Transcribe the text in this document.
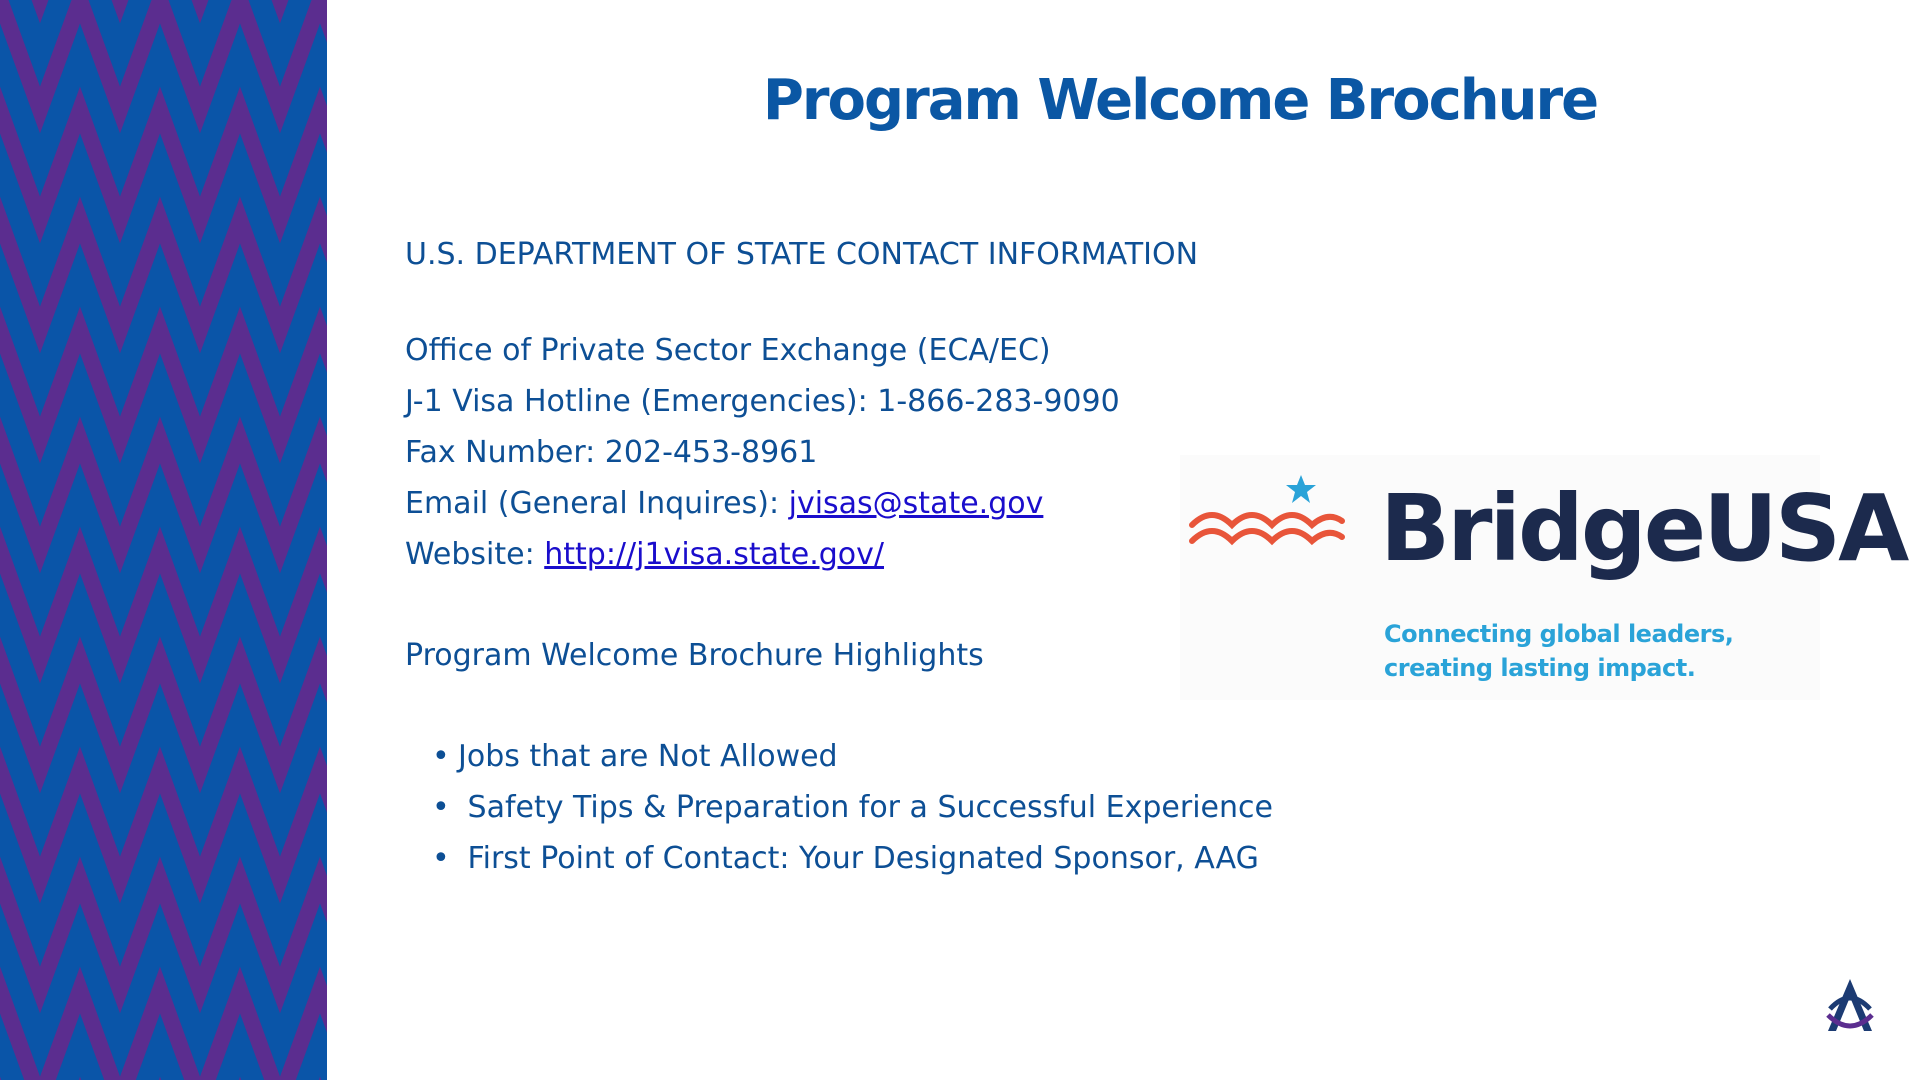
Program Welcome Brochure
U.S. DEPARTMENT OF STATE CONTACT INFORMATION
Office of Private Sector Exchange (ECA/EC)
J-1 Visa Hotline (Emergencies): 1-866-283-9090
Fax Number: 202-453-8961
Email (General Inquires): jvisas@state.gov
Website: http://j1visa.state.gov/
Program Welcome Brochure Highlights
• Jobs that are Not Allowed
• Safety Tips & Preparation for a Successful Experience
• First Point of Contact: Your Designated Sponsor, AAG
BridgeUSA
Connecting global leaders,
creating lasting impact.
